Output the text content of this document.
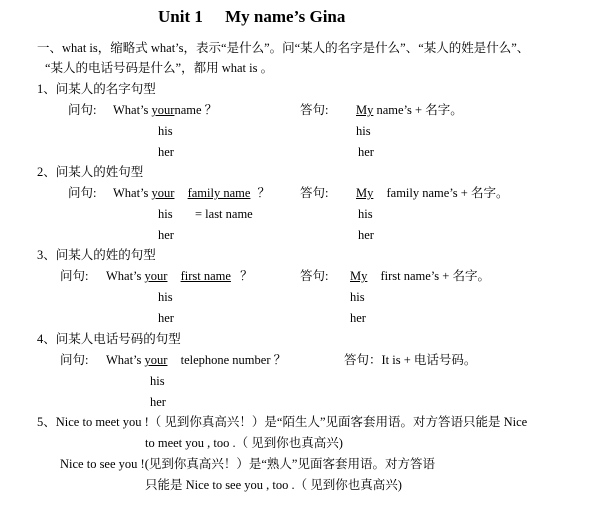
Unit 1 My name’s Gina
一、what is，缩略式 what’s，表示“是什么”。问“某人的名字是什么”、“某人的姓是什么”、
“某人的电话号码是什么”，都用 what is 。
1、问某人的名字句型
问句: What’s yourname ？	答句: My name’s + 名字。
his	his
her	her
2、问某人的姓句型
问句: What’s your family name ？ 答句: My family name’s + 名字。
his = last name	his
her	her
3、问某人的姓的句型
问句: What’s your first name ？	答句: My first name’s + 名字。
his	his
her	her
4、问某人电话号码的句型
问句: What’s your telephone number ？	答句：It is + 电话号码。
his
her
5、Nice to meet you !（ 见到你真高兴！）是“陌生人”见面客套用语。对方答语只能是 Nice
to meet you , too .（ 见到你也真高兴)
Nice to see you !(见到你真高兴！）是“熟人”见面客套用语。对方答语
只能是 Nice to see you , too .（ 见到你也真高兴)
